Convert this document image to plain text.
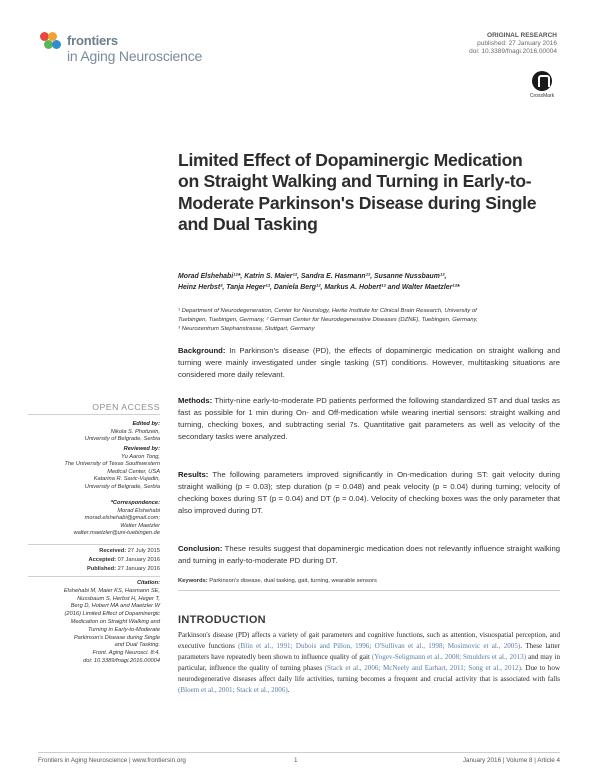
frontiers
in Aging Neuroscience
ORIGINAL RESEARCH
published: 27 January 2016
doi: 10.3389/fnagi.2016.00004
CrossMark
Limited Effect of Dopaminergic Medication on Straight Walking and Turning in Early-to-Moderate Parkinson's Disease during Single and Dual Tasking
Morad Elshehabi¹²*, Katrin S. Maier¹², Sandra E. Hasmann¹², Susanne Nussbaum¹²,
Heinz Herbst², Tanja Heger¹², Daniela Berg¹², Markus A. Hobert¹² and Walter Maetzler¹²*
¹ Department of Neurodegeneration, Center for Neurology, Hertie Institute for Clinical Brain Research, University of
Tuebingen, Tuebingen, Germany, ² German Center for Neurodegenerative Diseases (DZNE), Tuebingen, Germany,
³ Neurozentrum Stephanstrasse, Stuttgart, Germany
Background: In Parkinson's disease (PD), the effects of dopaminergic medication on straight walking and turning were mainly investigated under single tasking (ST) conditions. However, multitasking situations are considered more daily relevant.
Methods: Thirty-nine early-to-moderate PD patients performed the following standardized ST and dual tasks as fast as possible for 1 min during On- and Off-medication while wearing inertial sensors: straight walking and turning, checking boxes, and subtracting serial 7s. Quantitative gait parameters as well as velocity of the secondary tasks were analyzed.
Results: The following parameters improved significantly in On-medication during ST: gait velocity during straight walking (p = 0.03); step duration (p = 0.048) and peak velocity (p = 0.04) during turning; velocity of checking boxes during ST (p = 0.04) and DT (p = 0.04). Velocity of checking boxes was the only parameter that also improved during DT.
Conclusion: These results suggest that dopaminergic medication does not relevantly influence straight walking and turning in early-to-moderate PD during DT.
Keywords: Parkinson's disease, dual tasking, gait, turning, wearable sensors
INTRODUCTION
Parkinson's disease (PD) affects a variety of gait parameters and cognitive functions, such as attention, visuospatial perception, and executive functions (Blin et al., 1991; Dubois and Pillon, 1996; O'Sullivan et al., 1998; Mosimovic et al., 2005). These latter parameters have repeatedly been shown to influence quality of gait (Yogev-Seligmann et al., 2008; Smulders et al., 2013) and may in particular, influence the quality of turning phases (Stack et al., 2006; McNeely and Earhart, 2011; Song et al., 2012). Due to how neurodegenerative diseases affect daily life activities, turning becomes a frequent and crucial activity that is associated with falls (Bloem et al., 2001; Stack et al., 2006).
OPEN ACCESS
Edited by:
Nikola S. Photizein,
University of Belgrade, Serbia
Reviewed by:
Yu Aaron Tong,
The University of Texas Southwestern
Medical Center, USA
Katarina R. Savic-Vujadin,
University of Belgrade, Serbia
*Correspondence:
Morad Elshehabi
morad.elshehabi@gmail.com;
Walter Maetzler
walter.maetzler@uni-tuebingen.de
Received: 27 July 2015
Accepted: 07 January 2016
Published: 27 January 2016
Citation:
Elshehabi M, Maier KS, Hasmann SE,
Nussbaum S, Herbst H, Heger T,
Berg D, Hobert MA and Maetzler W
(2016) Limited Effect of Dopaminergic
Medication on Straight Walking and
Turning in Early-to-Moderate
Parkinson's Disease during Single
and Dual Tasking.
Front. Aging Neurosci. 8:4.
doi: 10.3389/fnagi.2016.00004
Frontiers in Aging Neuroscience | www.frontiersin.org	1	January 2016 | Volume 8 | Article 4
